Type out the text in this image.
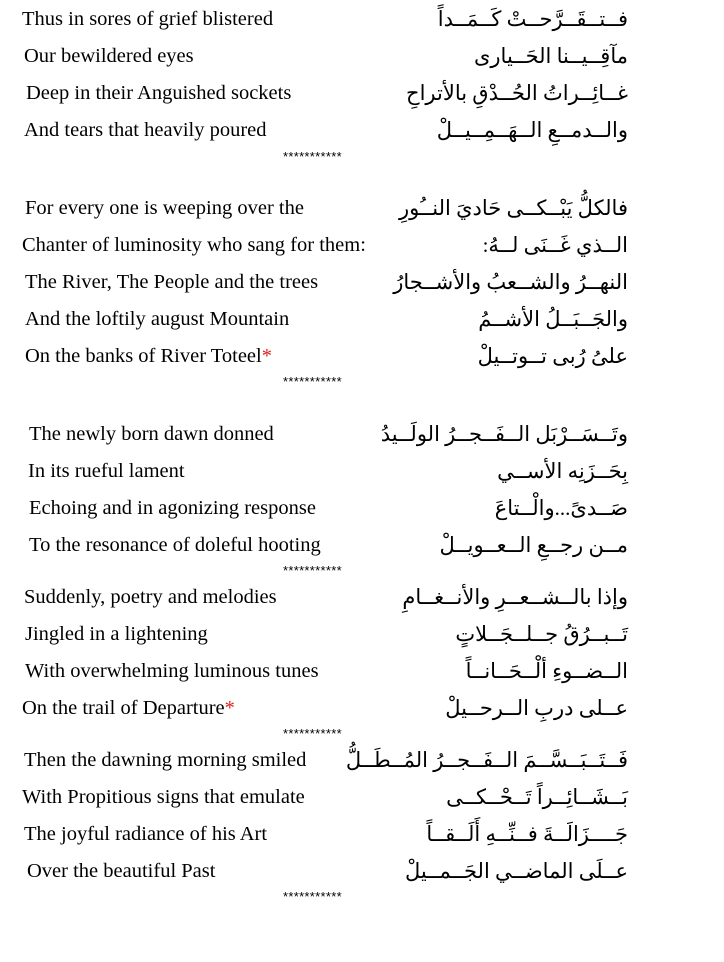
Thus in sores of grief blistered	فــتــقَــرَّحــتْ كَــمَــداً
Our bewildered eyes	مآقِــيــنا الحَــيارى
Deep in their Anguished sockets	غــائِــراتُ الحُــدْقِ بالأتراحِ
And tears that heavily poured	والــدمــعِ الــهَــمِــيــلْ
***********
For every one is weeping over the	فالكلُّ يَبْــكــى حَاديَ النــُورِ
Chanter of luminosity who sang for them:	الــذي غَــنَى لــهُ:
The River, The People and the trees	النهــرُ والشــعبُ والأشــجارُ
And the loftily august Mountain	والجَــبَــلُ الأشــمُ
On the banks of River Toteel*	علىُ رُبى تــوتــيلْ
***********
The newly born dawn donned	وتَــسَــرْبَل الــفَــجــرُ الولَــيدُ
In its rueful lament	بِحَــزَنِه الأســي
Echoing and in agonizing response	صَــدىً...والْــتاعَ
To the resonance of doleful hooting	مــن رجــعِ الــعــويــلْ
***********
Suddenly, poetry and melodies	وإذا بالــشــعــرِ والأنــغــامِ
Jingled in a lightening	تَــبــرُقُ جــلــجَــلاتٍ
With overwhelming luminous tunes	الــضــوءِ ألْــحَــانــاً
On the trail of Departure*	عــلى دربِ الــرحــيلْ
***********
Then the dawning morning smiled فَــتَــبَــسَّــمَ الــفَــجــرُ المُــطَــلُّ
With Propitious signs that emulate	بَــشَــائِــراً تَــحْــكــى
The joyful radiance of his Art	جَــــزَالَــةَ فــنِّــهِ أَلَــقــاً
Over the beautiful Past	عــلَى الماضــي الجَــمــيلْ
***********
